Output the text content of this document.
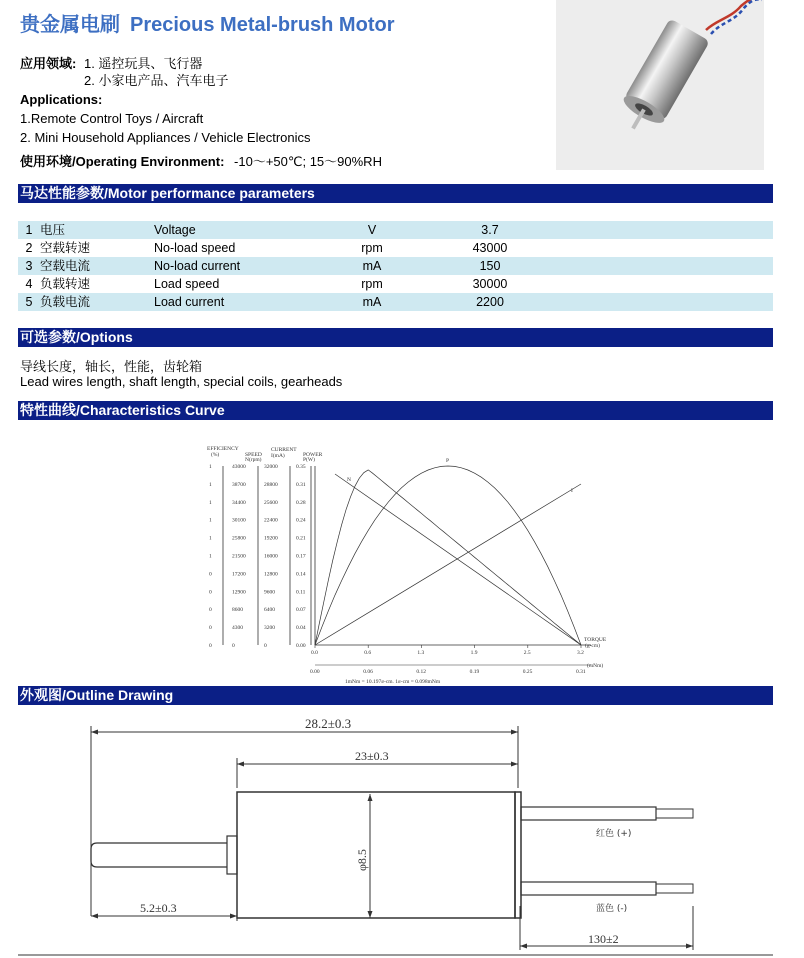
贵金属电刷 Precious Metal-brush Motor
应用领域: 1. 遥控玩具、飞行器
2. 小家电产品、汽车电子
Applications:
1.Remote Control Toys / Aircraft
2. Mini Household Appliances / Vehicle Electronics
使用环境/Operating Environment: -10～+50℃; 15～90%RH
马达性能参数/Motor performance parameters
1	电压	Voltage	V	3.7	
2	空载转速	No-load speed	rpm	43000	
3	空载电流	No-load current	mA	150	
4	负载转速	Load speed	rpm	30000	
5	负载电流	Load current	mA	2200	
可选参数/Options
导线长度，轴长，性能，齿轮箱
Lead wires length, shaft length, special coils, gearheads
特性曲线/Characteristics Curve
EFFICIENCY
(%)	SPEED
N(rpm)
CURRENT
I(mA)	POWER
P(W)
1	43000	32000	0.35
1	38700	28800	0.31
1	34400	25600	0.28
1	30100	22400	0.24
1	25800	19200	0.21
1	21500	16000	0.17
0	17200	12800	0.14
0	12900	9600	0.11
0	8600	6400	0.07
0	4300	3200	0.04
0	0	0	0.00
0.0
0.00
0.6
0.06
1.3
0.12
1.9
0.19
2.5
0.25
3.2
0.31
TORQUE
(g-cm)
(mNm)
1mNm = 10.197g-cm, 1g-cm = 0.098mNm
P
N
I
外观图/Outline Drawing
28.2±0.3
23±0.3
5.2±0.3
130±2
φ8.5
红色 (+)
蓝色 (-)
